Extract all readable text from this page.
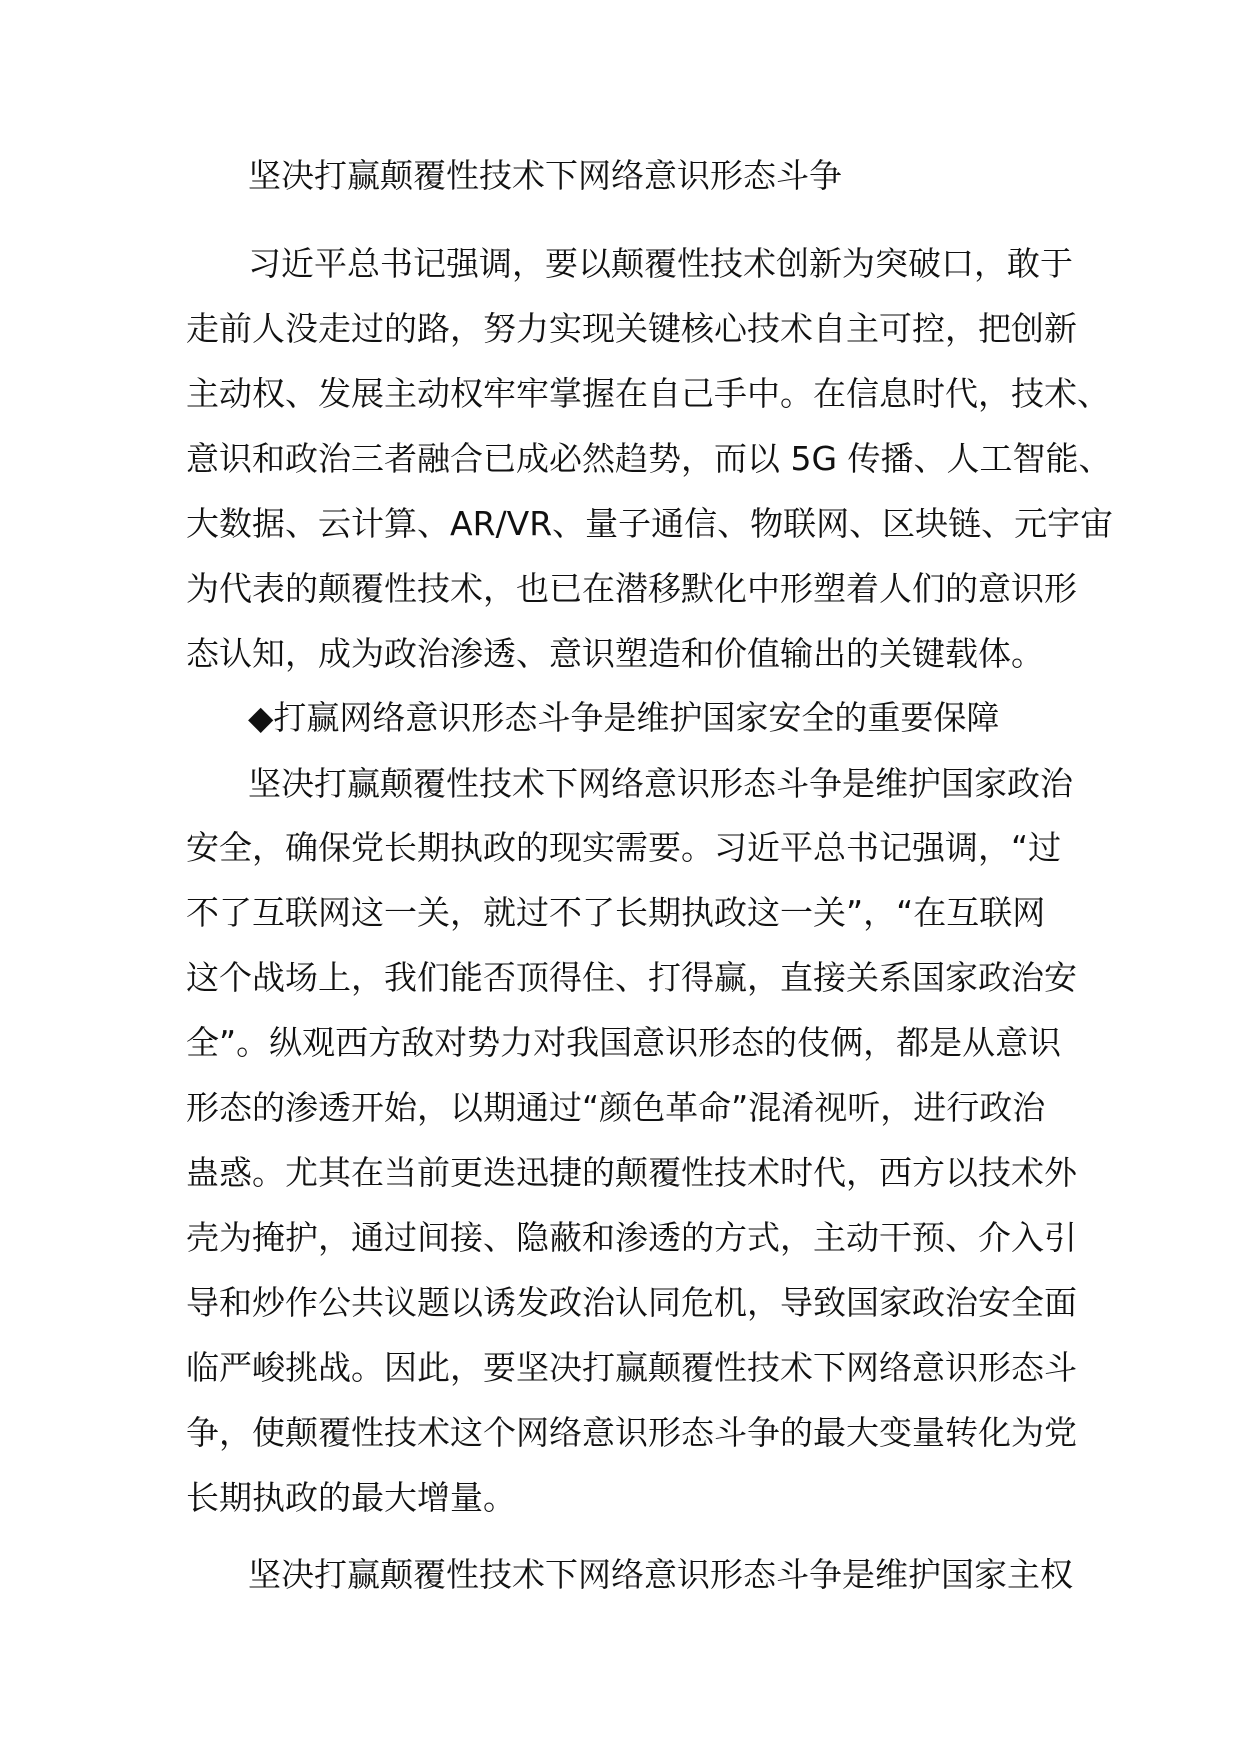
坚决打赢颠覆性技术下网络意识形态斗争
习近平总书记强调，要以颠覆性技术创新为突破口，敢于
走前人没走过的路，努力实现关键核心技术自主可控，把创新
主动权、发展主动权牢牢掌握在自己手中。在信息时代，技术、
意识和政治三者融合已成必然趋势，而以 5G 传播、人工智能、
大数据、云计算、AR/VR、量子通信、物联网、区块链、元宇宙
为代表的颠覆性技术，也已在潜移默化中形塑着人们的意识形
态认知，成为政治渗透、意识塑造和价值输出的关键载体。
◆打赢网络意识形态斗争是维护国家安全的重要保障
坚决打赢颠覆性技术下网络意识形态斗争是维护国家政治
安全，确保党长期执政的现实需要。习近平总书记强调，“过
不了互联网这一关，就过不了长期执政这一关”，“在互联网
这个战场上，我们能否顶得住、打得赢，直接关系国家政治安
全”。纵观西方敌对势力对我国意识形态的伎俩，都是从意识
形态的渗透开始，以期通过“颜色革命”混淆视听，进行政治
蛊惑。尤其在当前更迭迅捷的颠覆性技术时代，西方以技术外
壳为掩护，通过间接、隐蔽和渗透的方式，主动干预、介入引
导和炒作公共议题以诱发政治认同危机，导致国家政治安全面
临严峻挑战。因此，要坚决打赢颠覆性技术下网络意识形态斗
争，使颠覆性技术这个网络意识形态斗争的最大变量转化为党
长期执政的最大增量。
坚决打赢颠覆性技术下网络意识形态斗争是维护国家主权
